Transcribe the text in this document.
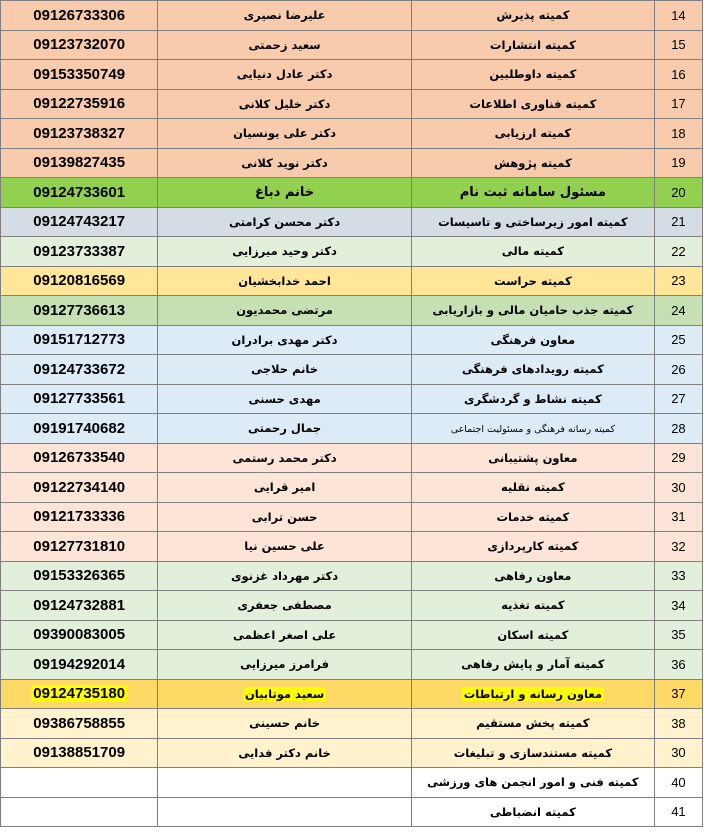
09126733306	علیرضا نصیری	کمیته پذیرش	14
09123732070	سعید زحمتی	کمیته انتشارات	15
09153350749	دکتر عادل دنیایی	کمیته داوطلبین	16
09122735916	دکتر خلیل کلانی	کمیته فناوری اطلاعات	17
09123738327	دکتر علی یونسیان	کمیته ارزیابی	18
09139827435	دکتر نوید کلانی	کمیته پژوهش	19
09124733601	خانم دباغ	مسئول سامانه ثبت نام	20
09124743217	دکتر محسن کرامتی	کمیته امور زیرساختی و تاسیسات	21
09123733387	دکتر وحید میرزایی	کمیته مالی	22
09120816569	احمد خدابخشیان	کمیته حراست	23
09127736613	مرتضی محمدیون	کمیته جذب حامیان مالی و بازاریابی	24
09151712773	دکتر مهدی برادران	معاون فرهنگی	25
09124733672	خانم حلاجی	کمیته رویدادهای فرهنگی	26
09127733561	مهدی حسنی	کمیته نشاط و گردشگری	27
09191740682	جمال رحمتی	کمیته رسانه فرهنگی و مسئولیت اجتماعی	28
09126733540	دکتر محمد رستمی	معاون پشتیبانی	29
09122734140	امیر قرایی	کمیته نقلیه	30
09121733336	حسن ترابی	کمیته خدمات	31
09127731810	علی حسین نیا	کمیته کارپردازی	32
09153326365	دکتر مهرداد غزنوی	معاون رفاهی	33
09124732881	مصطفی جعفری	کمیته تغذیه	34
09390083005	علی اصغر اعظمی	کمیته اسکان	35
09194292014	فرامرز میرزایی	کمیته آمار و پایش رفاهی	36
09124735180	سعید موتابیان	معاون رسانه و ارتباطات	37
09386758855	خانم حسینی	کمیته پخش مستقیم	38
09138851709	خانم دکتر فدایی	کمیته مستندسازی و تبلیغات	30
		کمیته فنی و امور انجمن های ورزشی	40
		کمیته انضباطی	41
